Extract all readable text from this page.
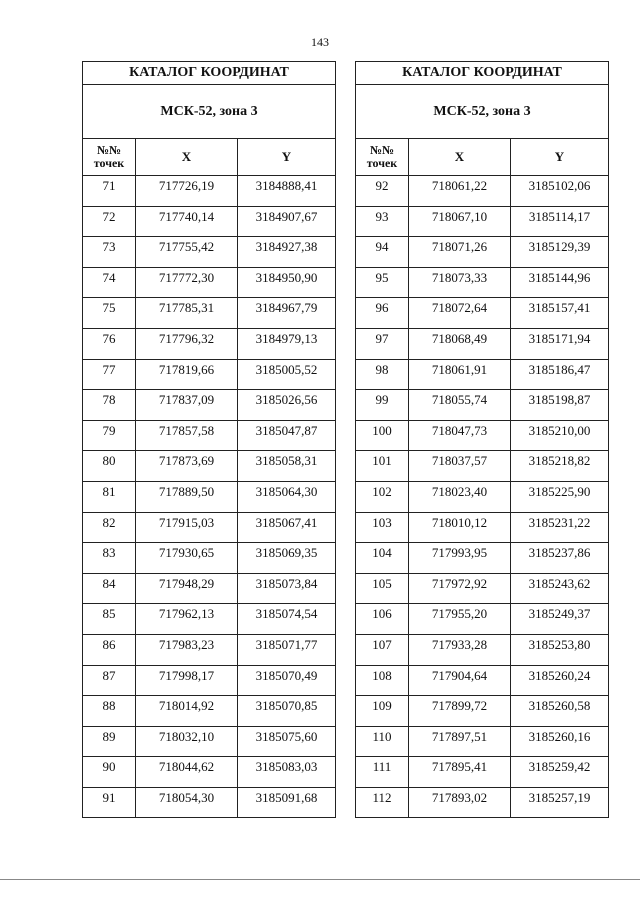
143
КАТАЛОГ КООРДИНАТ		
МСК-52, зона 3		

№№
точек	X	Y
71	717726,19	3184888,41
72	717740,14	3184907,67
73	717755,42	3184927,38
74	717772,30	3184950,90
75	717785,31	3184967,79
76	717796,32	3184979,13
77	717819,66	3185005,52
78	717837,09	3185026,56
79	717857,58	3185047,87
80	717873,69	3185058,31
81	717889,50	3185064,30
82	717915,03	3185067,41
83	717930,65	3185069,35
84	717948,29	3185073,84
85	717962,13	3185074,54
86	717983,23	3185071,77
87	717998,17	3185070,49
88	718014,92	3185070,85
89	718032,10	3185075,60
90	718044,62	3185083,03
91	718054,30	3185091,68
КАТАЛОГ КООРДИНАТ		
МСК-52, зона 3		

№№
точек	X	Y
92	718061,22	3185102,06
93	718067,10	3185114,17
94	718071,26	3185129,39
95	718073,33	3185144,96
96	718072,64	3185157,41
97	718068,49	3185171,94
98	718061,91	3185186,47
99	718055,74	3185198,87
100	718047,73	3185210,00
101	718037,57	3185218,82
102	718023,40	3185225,90
103	718010,12	3185231,22
104	717993,95	3185237,86
105	717972,92	3185243,62
106	717955,20	3185249,37
107	717933,28	3185253,80
108	717904,64	3185260,24
109	717899,72	3185260,58
110	717897,51	3185260,16
111	717895,41	3185259,42
112	717893,02	3185257,19
